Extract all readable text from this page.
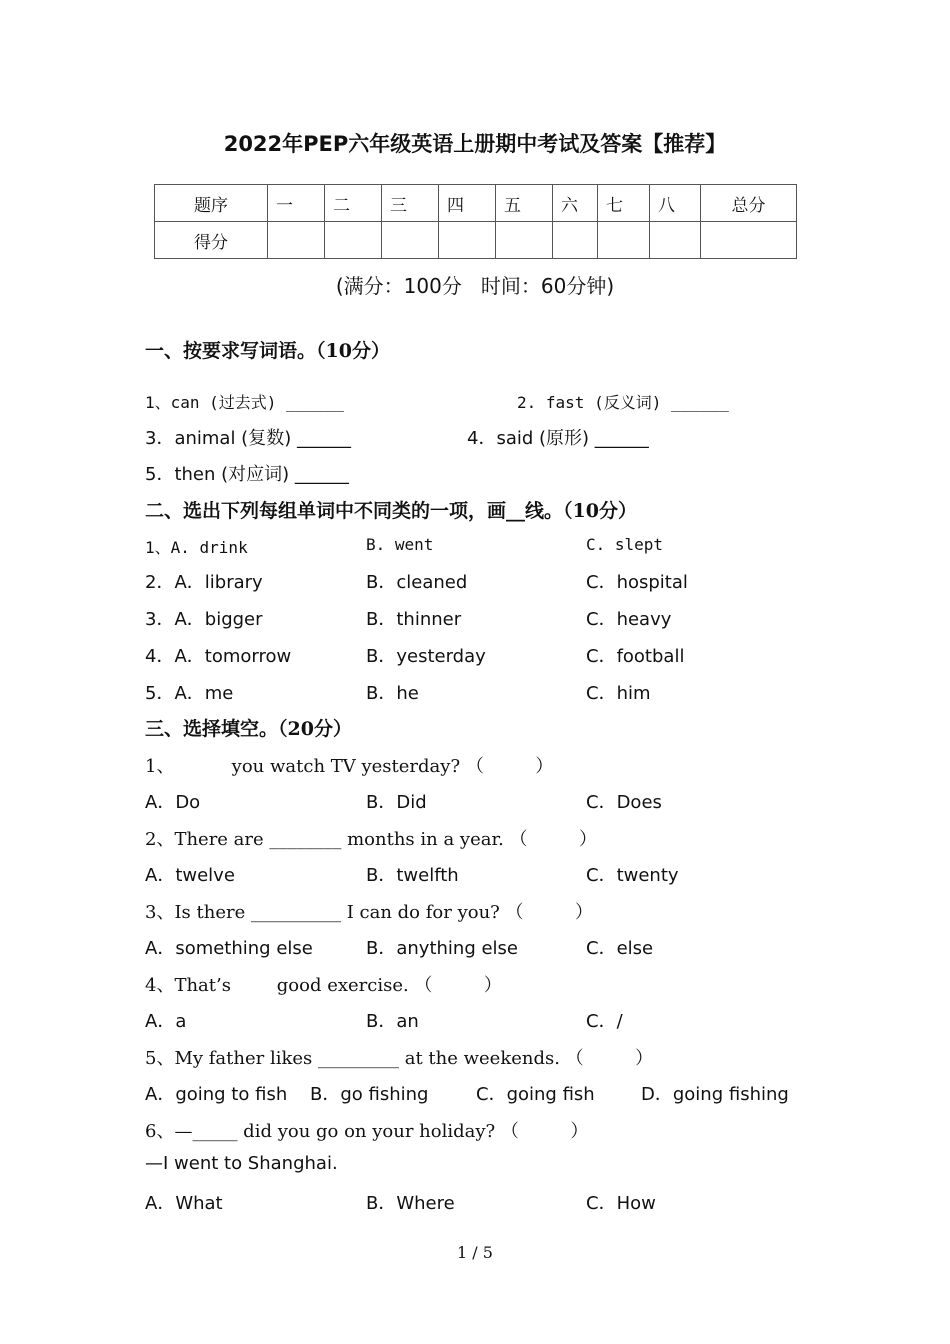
2022年PEP六年级英语上册期中考试及答案【推荐】
题序	一	二	三	四	五	六	七	八	总分
得分									
(满分：100分   时间：60分钟)
一、按要求写词语。（10分）
1、can (过去式) ______	2. fast (反义词) ______
3．animal (复数) ______	4．said (原形) ______
5．then (对应词) ______
二、选出下列每组单词中不同类的一项，画__线。（10分）
1、A. drink	B. went	C. slept
2．A．library	B．cleaned	C．hospital
3．A．bigger	B．thinner	C．heavy
4．A．tomorrow	B．yesterday	C．football
5．A．me	B．he	C．him
三、选择填空。（20分）
1、          you watch TV yesterday? （         ）
A．Do	B．Did	C．Does
2、There are ________ months in a year. （         ）
A．twelve	B．twelfth	C．twenty
3、Is there __________ I can do for you? （         ）
A．something else	B．anything else	C．else
4、That’s        good exercise. （         ）
A．a	B．an	C．/
5、My father likes _________ at the weekends. （         ）
A．going to fish B．go fishing	C．going fish	D．going fishing
6、—_____ did you go on your holiday? （         ）
—I went to Shanghai.
A．What	B．Where	C．How
1 / 5
